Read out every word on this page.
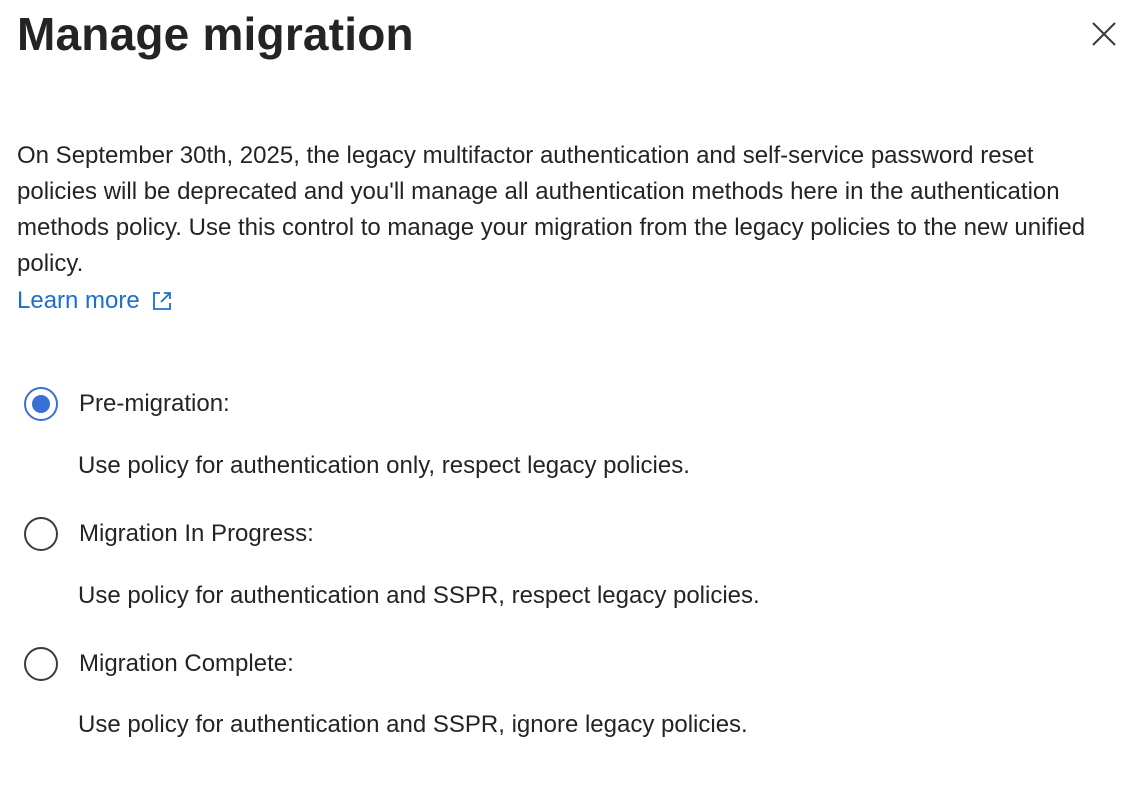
Manage migration

On September 30th, 2025, the legacy multifactor authentication and self-service password reset policies will be deprecated and you'll manage all authentication methods here in the authentication methods policy. Use this control to manage your migration from the legacy policies to the new unified policy.

Learn more
Pre-migration:

Use policy for authentication only, respect legacy policies.

Migration In Progress:

Use policy for authentication and SSPR, respect legacy policies.

Migration Complete:

Use policy for authentication and SSPR, ignore legacy policies.
